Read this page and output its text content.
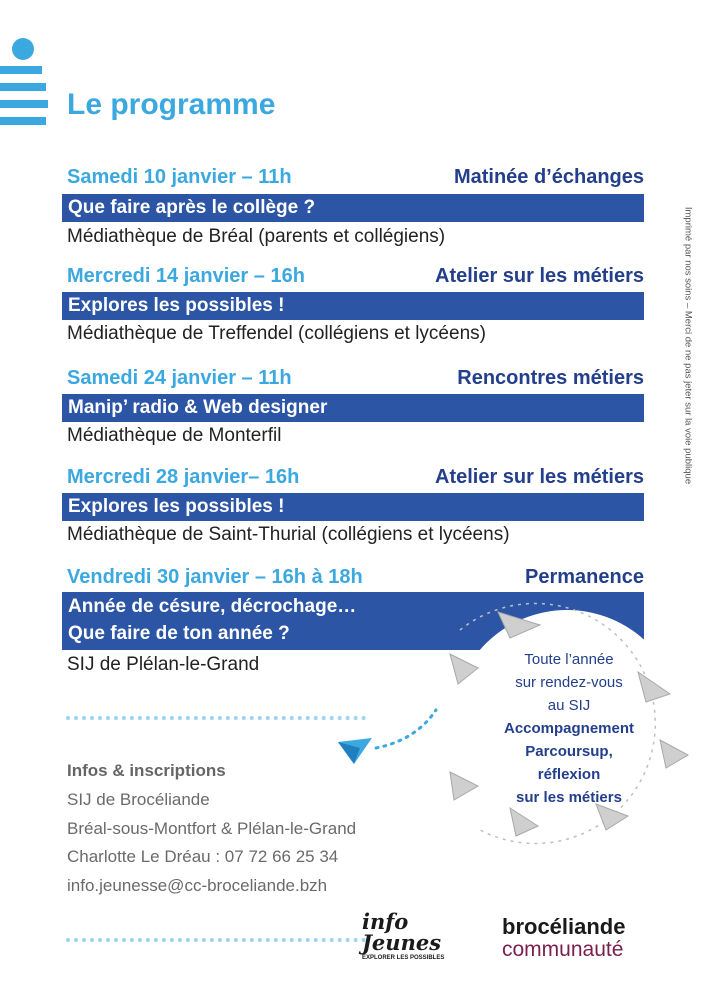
Le programme
Samedi 10 janvier – 11h	Matinée d’échanges
Que faire après le collège ?
Médiathèque de Bréal (parents et collégiens)
Mercredi 14 janvier – 16h	Atelier sur les métiers
Explores les possibles !
Médiathèque de Treffendel (collégiens et lycéens)
Samedi 24 janvier – 11h	Rencontres métiers
Manip’ radio & Web designer
Médiathèque de Monterfil
Mercredi 28 janvier– 16h	Atelier sur les métiers
Explores les possibles !
Médiathèque de Saint-Thurial (collégiens et lycéens)
Vendredi 30 janvier – 16h à 18h	Permanence
Année de césure, décrochage…
Que faire de ton année ?
SIJ de Plélan-le-Grand
Imprimé par nos soins – Merci de ne pas jeter sur la voie publique
Toute l’année
sur rendez-vous
au SIJ
Accompagnement
Parcoursup,
réflexion
sur les métiers
Infos & inscriptions
SIJ de Brocéliande
Bréal-sous-Montfort & Plélan-le-Grand
Charlotte Le Dréau : 07 72 66 25 34
info.jeunesse@cc-broceliande.bzh
info
Jeunes
EXPLORER LES POSSIBLES
brocéliande
communauté
